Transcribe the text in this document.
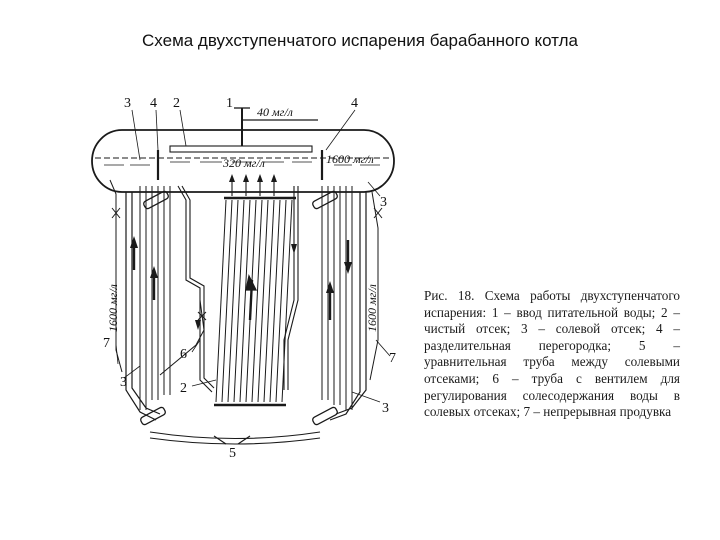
Схема двухступенчатого испарения барабанного котла
1
3 4 2	4
3
7
6	7
3	2
3
5
40 мг/л
320 мг/л	1600 мг/л
1600 мг/л	1600 мг/л	Рис. 18. Схема работы двухступенчатого испарения: 1 – ввод питательной воды; 2 – чистый отсек; 3 – солевой отсек; 4 – разделительная перегородка; 5 – уравнительная труба между солевыми отсеками; 6 – труба с вентилем для регулирования солесодержания воды в солевых отсеках; 7 – непрерывная продувка
